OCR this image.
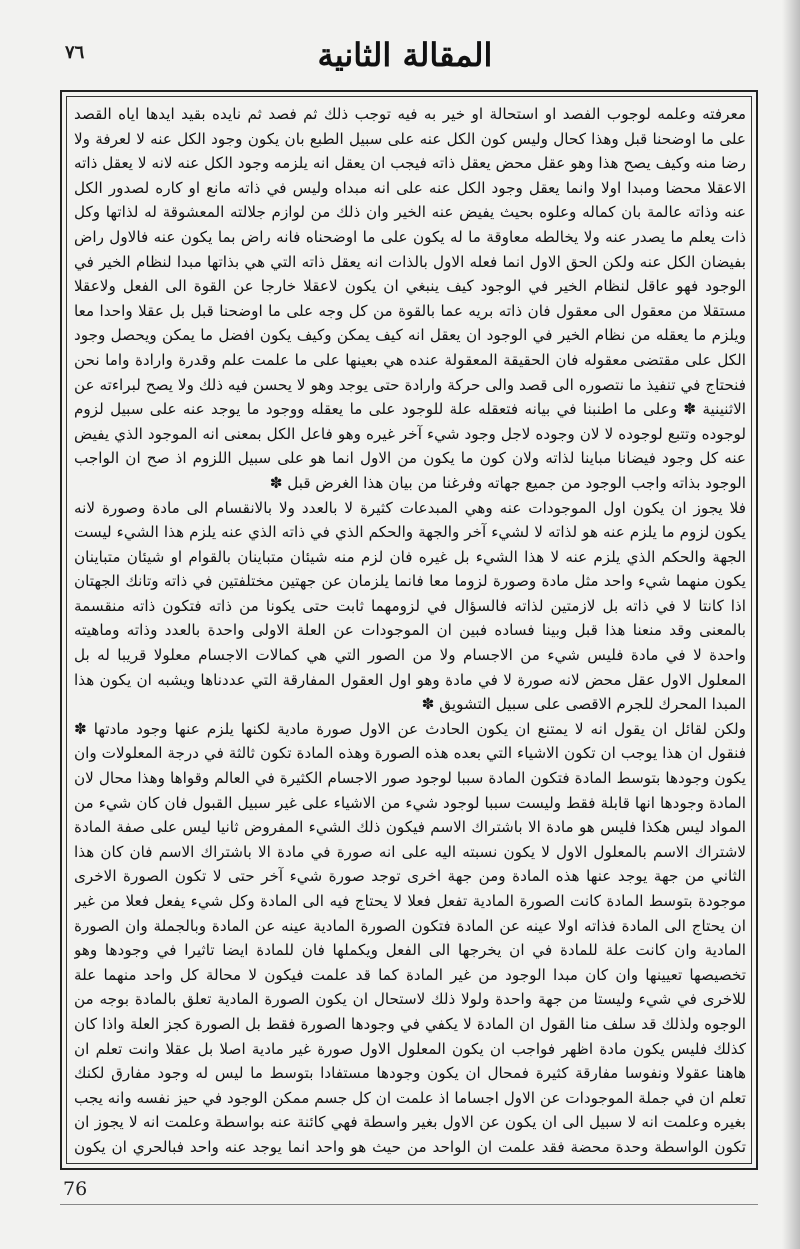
٧٦	المقالة الثانية

معرفته وعلمه لوجوب الفصد او استحالة او خير به فيه توجب ذلك ثم فصد ثم نايده بقيد ايدها اياه القصد على ما اوضحنا قبل وهذا كحال وليس كون الكل عنه على سبيل الطبع بان يكون وجود الكل عنه لا لعرفة ولا رضا منه وكيف يصح هذا وهو عقل محض يعقل ذاته فيجب ان يعقل انه يلزمه وجود الكل عنه لانه لا يعقل ذاته الاعقلا محضا ومبدا اولا وانما يعقل وجود الكل عنه على انه مبداه وليس في ذاته مانع او كاره لصدور الكل عنه وذاته عالمة بان كماله وعلوه بحيث يفيض عنه الخير وان ذلك من لوازم جلالته المعشوقة له لذاتها وكل ذات يعلم ما يصدر عنه ولا يخالطه معاوقة ما له يكون على ما اوضحناه فانه راض بما يكون عنه فالاول راض بفيضان الكل عنه ولكن الحق الاول انما فعله الاول بالذات انه يعقل ذاته التي هي بذاتها مبدا لنظام الخير في الوجود فهو عاقل لنظام الخير في الوجود كيف ينبغي ان يكون لاعقلا خارجا عن القوة الى الفعل ولاعقلا مستقلا من معقول الى معقول فان ذاته بريه عما بالقوة من كل وجه على ما اوضحنا قبل بل عقلا واحدا معا ويلزم ما يعقله من نظام الخير في الوجود ان يعقل انه كيف يمكن وكيف يكون افضل ما يمكن ويحصل وجود الكل على مقتضى معقوله فان الحقيقة المعقولة عنده هي بعينها على ما علمت علم وقدرة وارادة واما نحن فنحتاج في تنفيذ ما نتصوره الى قصد والى حركة وارادة حتى يوجد وهو لا يحسن فيه ذلك ولا يصح لبراءته عن الاثنينية ✽ وعلى ما اطنبنا في بيانه فتعقله علة للوجود على ما يعقله ووجود ما يوجد عنه على سبيل لزوم لوجوده وتتبع لوجوده لا لان وجوده لاجل وجود شيء آخر غيره وهو فاعل الكل بمعنى انه الموجود الذي يفيض عنه كل وجود فيضانا مباينا لذاته ولان كون ما يكون من الاول انما هو على سبيل اللزوم اذ صح ان الواجب الوجود بذاته واجب الوجود من جميع جهاته وفرغنا من بيان هذا الغرض قبل ✽

فلا يجوز ان يكون اول الموجودات عنه وهي المبدعات كثيرة لا بالعدد ولا بالانقسام الى مادة وصورة لانه يكون لزوم ما يلزم عنه هو لذاته لا لشيء آخر والجهة والحكم الذي في ذاته الذي عنه يلزم هذا الشيء ليست الجهة والحكم الذي يلزم عنه لا هذا الشيء بل غيره فان لزم منه شيئان متباينان بالقوام او شيئان متباينان يكون منهما شيء واحد مثل مادة وصورة لزوما معا فانما يلزمان عن جهتين مختلفتين في ذاته وتانك الجهتان اذا كانتا لا في ذاته بل لازمتين لذاته فالسؤال في لزومهما ثابت حتى يكونا من ذاته فتكون ذاته منقسمة بالمعنى وقد منعنا هذا قبل وبينا فساده فبين ان الموجودات عن العلة الاولى واحدة بالعدد وذاته وماهيته واحدة لا في مادة فليس شيء من الاجسام ولا من الصور التي هي كمالات الاجسام معلولا قريبا له بل المعلول الاول عقل محض لانه صورة لا في مادة وهو اول العقول المفارقة التي عددناها ويشبه ان يكون هذا المبدا المحرك للجرم الاقصى على سبيل التشويق ✽

ولكن لقائل ان يقول انه لا يمتنع ان يكون الحادث عن الاول صورة مادية لكنها يلزم عنها وجود مادتها ✽ فنقول ان هذا يوجب ان تكون الاشياء التي بعده هذه الصورة وهذه المادة تكون ثالثة في درجة المعلولات وان يكون وجودها بتوسط المادة فتكون المادة سببا لوجود صور الاجسام الكثيرة في العالم وقواها وهذا محال لان المادة وجودها انها قابلة فقط وليست سببا لوجود شيء من الاشياء على غير سبيل القبول فان كان شيء من المواد ليس هكذا فليس هو مادة الا باشتراك الاسم فيكون ذلك الشيء المفروض ثانيا ليس على صفة المادة لاشتراك الاسم بالمعلول الاول لا يكون نسبته اليه على انه صورة في مادة الا باشتراك الاسم فان كان هذا الثاني من جهة يوجد عنها هذه المادة ومن جهة اخرى توجد صورة شيء آخر حتى لا تكون الصورة الاخرى موجودة بتوسط المادة كانت الصورة المادية تفعل فعلا لا يحتاج فيه الى المادة وكل شيء يفعل فعلا من غير ان يحتاج الى المادة فذاته اولا عينه عن المادة فتكون الصورة المادية عينه عن المادة وبالجملة وان الصورة المادية وان كانت علة للمادة في ان يخرجها الى الفعل ويكملها فان للمادة ايضا تاثيرا في وجودها وهو تخصيصها تعيينها وان كان مبدا الوجود من غير المادة كما قد علمت فيكون لا محالة كل واحد منهما علة للاخرى في شيء وليستا من جهة واحدة ولولا ذلك لاستحال ان يكون الصورة المادية تعلق بالمادة بوجه من الوجوه ولذلك قد سلف منا القول ان المادة لا يكفي في وجودها الصورة فقط بل الصورة كجز العلة واذا كان كذلك فليس يكون مادة اظهر فواجب ان يكون المعلول الاول صورة غير مادية اصلا بل عقلا وانت تعلم ان هاهنا عقولا ونفوسا مفارقة كثيرة فمحال ان يكون وجودها مستفادا بتوسط ما ليس له وجود مفارق لكنك تعلم ان في جملة الموجودات عن الاول اجساما اذ علمت ان كل جسم ممكن الوجود في حيز نفسه وانه يجب بغيره وعلمت انه لا سبيل الى ان يكون عن الاول بغير واسطة فهي كائنة عنه بواسطة وعلمت انه لا يجوز ان تكون الواسطة وحدة محضة فقد علمت ان الواحد من حيث هو واحد انما يوجد عنه واحد فبالحري ان يكون

76
